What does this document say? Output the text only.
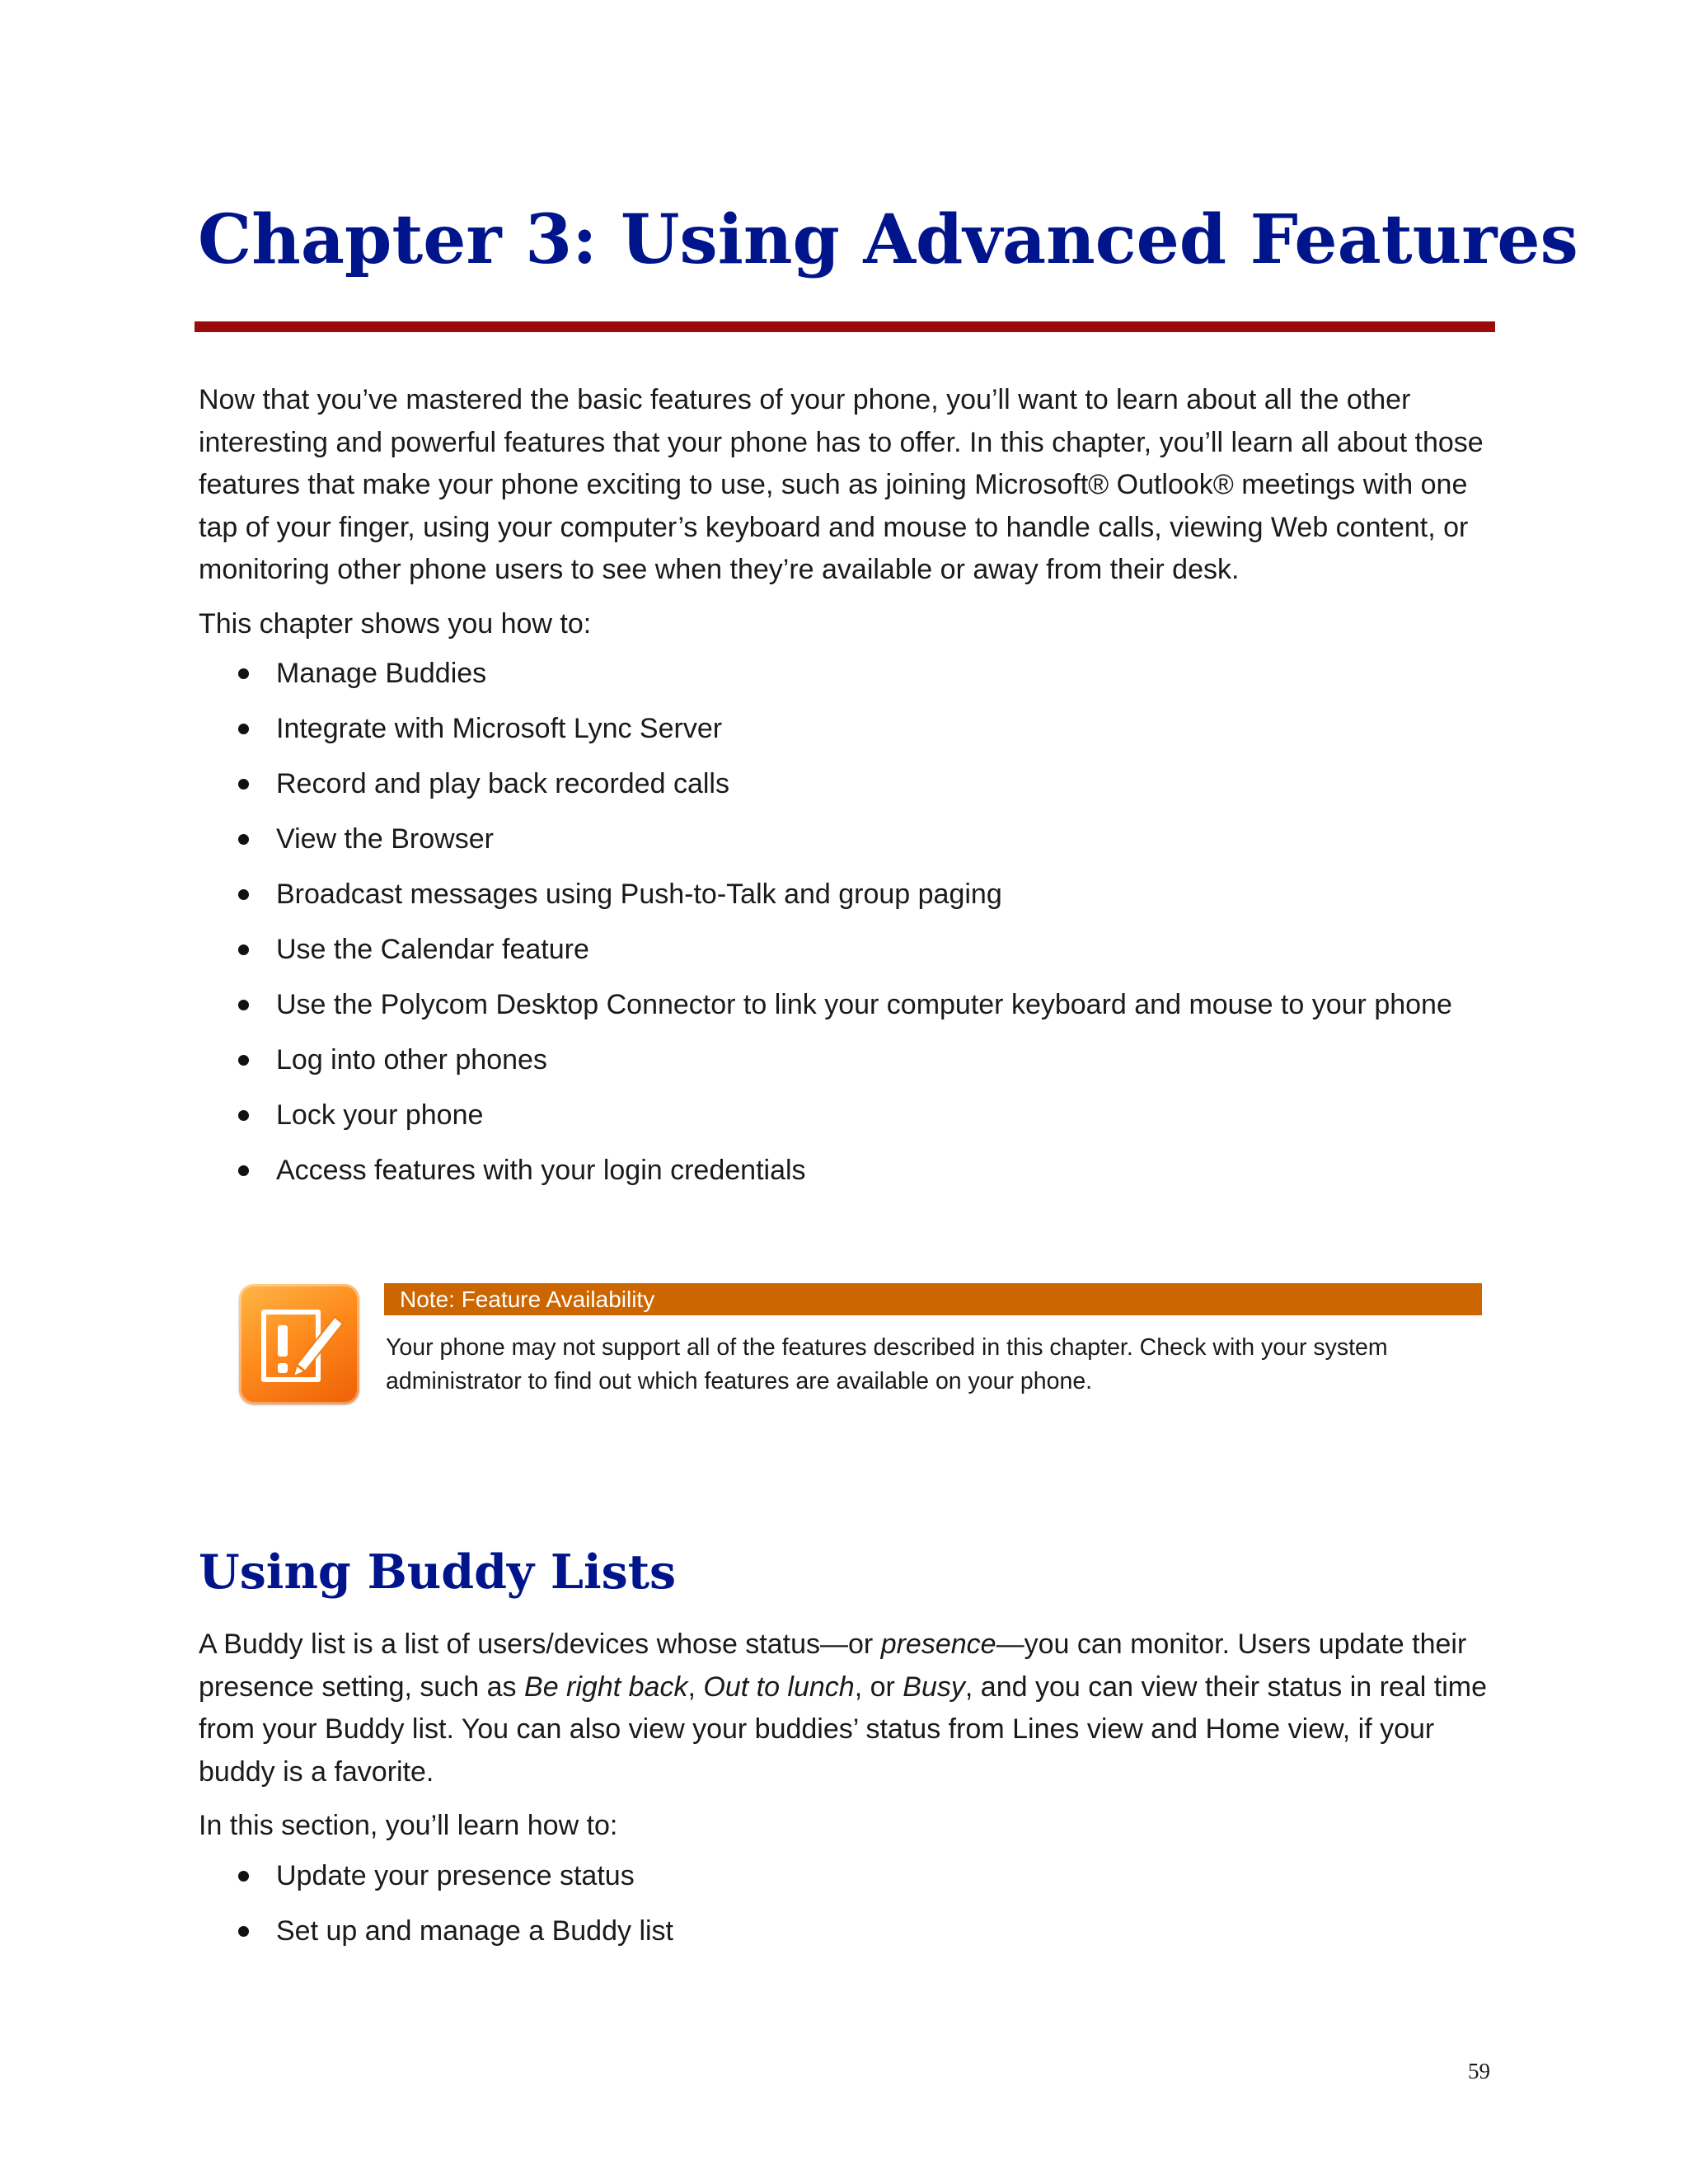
Chapter 3: Using Advanced Features

Now that you’ve mastered the basic features of your phone, you’ll want to learn about all the other interesting and powerful features that your phone has to offer. In this chapter, you’ll learn all about those features that make your phone exciting to use, such as joining Microsoft® Outlook® meetings with one tap of your finger, using your computer’s keyboard and mouse to handle calls, viewing Web content, or monitoring other phone users to see when they’re available or away from their desk.

This chapter shows you how to:

Manage Buddies
Integrate with Microsoft Lync Server
Record and play back recorded calls
View the Browser
Broadcast messages using Push-to-Talk and group paging
Use the Calendar feature
Use the Polycom Desktop Connector to link your computer keyboard and mouse to your phone
Log into other phones
Lock your phone
Access features with your login credentials
Note: Feature Availability

Your phone may not support all of the features described in this chapter. Check with your system administrator to find out which features are available on your phone.

Using Buddy Lists

A Buddy list is a list of users/devices whose status—or presence—you can monitor. Users update their presence setting, such as Be right back, Out to lunch, or Busy, and you can view their status in real time from your Buddy list. You can also view your buddies’ status from Lines view and Home view, if your buddy is a favorite.

In this section, you’ll learn how to:

Update your presence status
Set up and manage a Buddy list
59
